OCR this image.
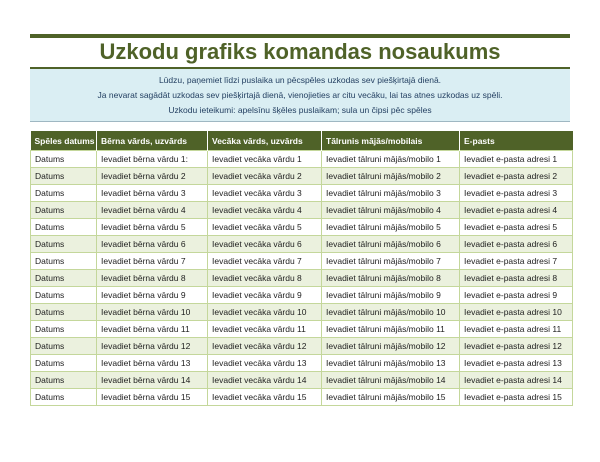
Uzkodu grafiks komandas nosaukums

Lūdzu, paņemiet līdzi puslaika un pēcspēles uzkodas sev piešķirtajā dienā.

Ja nevarat sagādāt uzkodas sev piešķirtajā dienā, vienojieties ar citu vecāku, lai tas atnes uzkodas uz spēli.

Uzkodu ieteikumi: apelsīnu šķēles puslaikam; sula un čipsi pēc spēles

Spēles datums	Bērna vārds, uzvārds	Vecāka vārds, uzvārds	Tālrunis mājās/mobilais	E-pasts
Datums	Ievadiet bērna vārdu 1:	Ievadiet vecāka vārdu 1	Ievadiet tālruni mājās/mobilo 1	Ievadiet e-pasta adresi 1
Datums	Ievadiet bērna vārdu 2	Ievadiet vecāka vārdu 2	Ievadiet tālruni mājās/mobilo 2	Ievadiet e-pasta adresi 2
Datums	Ievadiet bērna vārdu 3	Ievadiet vecāka vārdu 3	Ievadiet tālruni mājās/mobilo 3	Ievadiet e-pasta adresi 3
Datums	Ievadiet bērna vārdu 4	Ievadiet vecāka vārdu 4	Ievadiet tālruni mājās/mobilo 4	Ievadiet e-pasta adresi 4
Datums	Ievadiet bērna vārdu 5	Ievadiet vecāka vārdu 5	Ievadiet tālruni mājās/mobilo 5	Ievadiet e-pasta adresi 5
Datums	Ievadiet bērna vārdu 6	Ievadiet vecāka vārdu 6	Ievadiet tālruni mājās/mobilo 6	Ievadiet e-pasta adresi 6
Datums	Ievadiet bērna vārdu 7	Ievadiet vecāka vārdu 7	Ievadiet tālruni mājās/mobilo 7	Ievadiet e-pasta adresi 7
Datums	Ievadiet bērna vārdu 8	Ievadiet vecāka vārdu 8	Ievadiet tālruni mājās/mobilo 8	Ievadiet e-pasta adresi 8
Datums	Ievadiet bērna vārdu 9	Ievadiet vecāka vārdu 9	Ievadiet tālruni mājās/mobilo 9	Ievadiet e-pasta adresi 9
Datums	Ievadiet bērna vārdu 10	Ievadiet vecāka vārdu 10	Ievadiet tālruni mājās/mobilo 10	Ievadiet e-pasta adresi 10
Datums	Ievadiet bērna vārdu 11	Ievadiet vecāka vārdu 11	Ievadiet tālruni mājās/mobilo 11	Ievadiet e-pasta adresi 11
Datums	Ievadiet bērna vārdu 12	Ievadiet vecāka vārdu 12	Ievadiet tālruni mājās/mobilo 12	Ievadiet e-pasta adresi 12
Datums	Ievadiet bērna vārdu 13	Ievadiet vecāka vārdu 13	Ievadiet tālruni mājās/mobilo 13	Ievadiet e-pasta adresi 13
Datums	Ievadiet bērna vārdu 14	Ievadiet vecāka vārdu 14	Ievadiet tālruni mājās/mobilo 14	Ievadiet e-pasta adresi 14
Datums	Ievadiet bērna vārdu 15	Ievadiet vecāka vārdu 15	Ievadiet tālruni mājās/mobilo 15	Ievadiet e-pasta adresi 15
